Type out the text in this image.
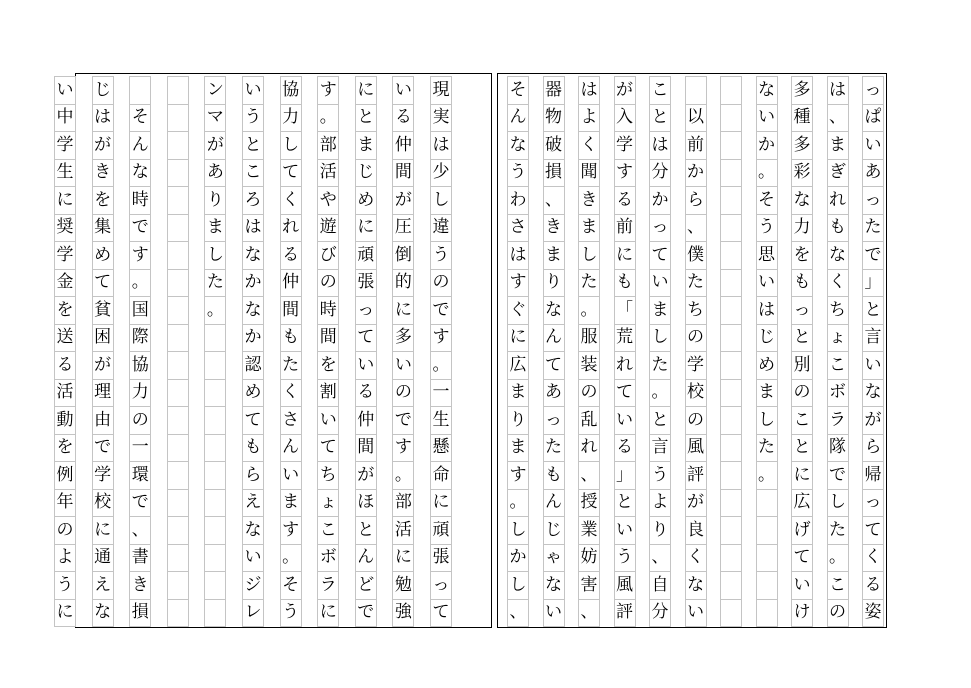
っ
ぱ
い
あ
っ
た
で
」
と
言
い
な
が
ら
帰
っ
て
く
る
姿
は
、
ま
ぎ
れ
も
な
く
ち
ょ
こ
ボ
ラ
隊
で
し
た
。
こ
の
多
種
多
彩
な
力
を
も
っ
と
別
の
こ
と
に
広
げ
て
い
け
な
い
か
。
そ
う
思
い
は
じ
め
ま
し
た
。
以
前
か
ら
、
僕
た
ち
の
学
校
の
風
評
が
良
く
な
い
こ
と
は
分
か
っ
て
い
ま
し
た
。
と
言
う
よ
り
、
自
分
が
入
学
す
る
前
に
も
「
荒
れ
て
い
る
」
と
い
う
風
評
は
よ
く
聞
き
ま
し
た
。
服
装
の
乱
れ
、
授
業
妨
害
、
器
物
破
損
、
き
ま
り
な
ん
て
あ
っ
た
も
ん
じ
ゃ
な
い
そ
ん
な
う
わ
さ
は
す
ぐ
に
広
ま
り
ま
す
。
し
か
し
、
現
実
は
少
し
違
う
の
で
す
。
一
生
懸
命
に
頑
張
っ
て
い
る
仲
間
が
圧
倒
的
に
多
い
の
で
す
。
部
活
に
勉
強
に
と
ま
じ
め
に
頑
張
っ
て
い
る
仲
間
が
ほ
と
ん
ど
で
す
。
部
活
や
遊
び
の
時
間
を
割
い
て
ち
ょ
こ
ボ
ラ
に
協
力
し
て
く
れ
る
仲
間
も
た
く
さ
ん
い
ま
す
。
そ
う
い
う
と
こ
ろ
は
な
か
な
か
認
め
て
も
ら
え
な
い
ジ
レ
ン
マ
が
あ
り
ま
し
た
。
そ
ん
な
時
で
す
。
国
際
協
力
の
一
環
で
、
書
き
損
じ
は
が
き
を
集
め
て
貧
困
が
理
由
で
学
校
に
通
え
な
い
中
学
生
に
奨
学
金
を
送
る
活
動
を
例
年
の
よ
う
に
